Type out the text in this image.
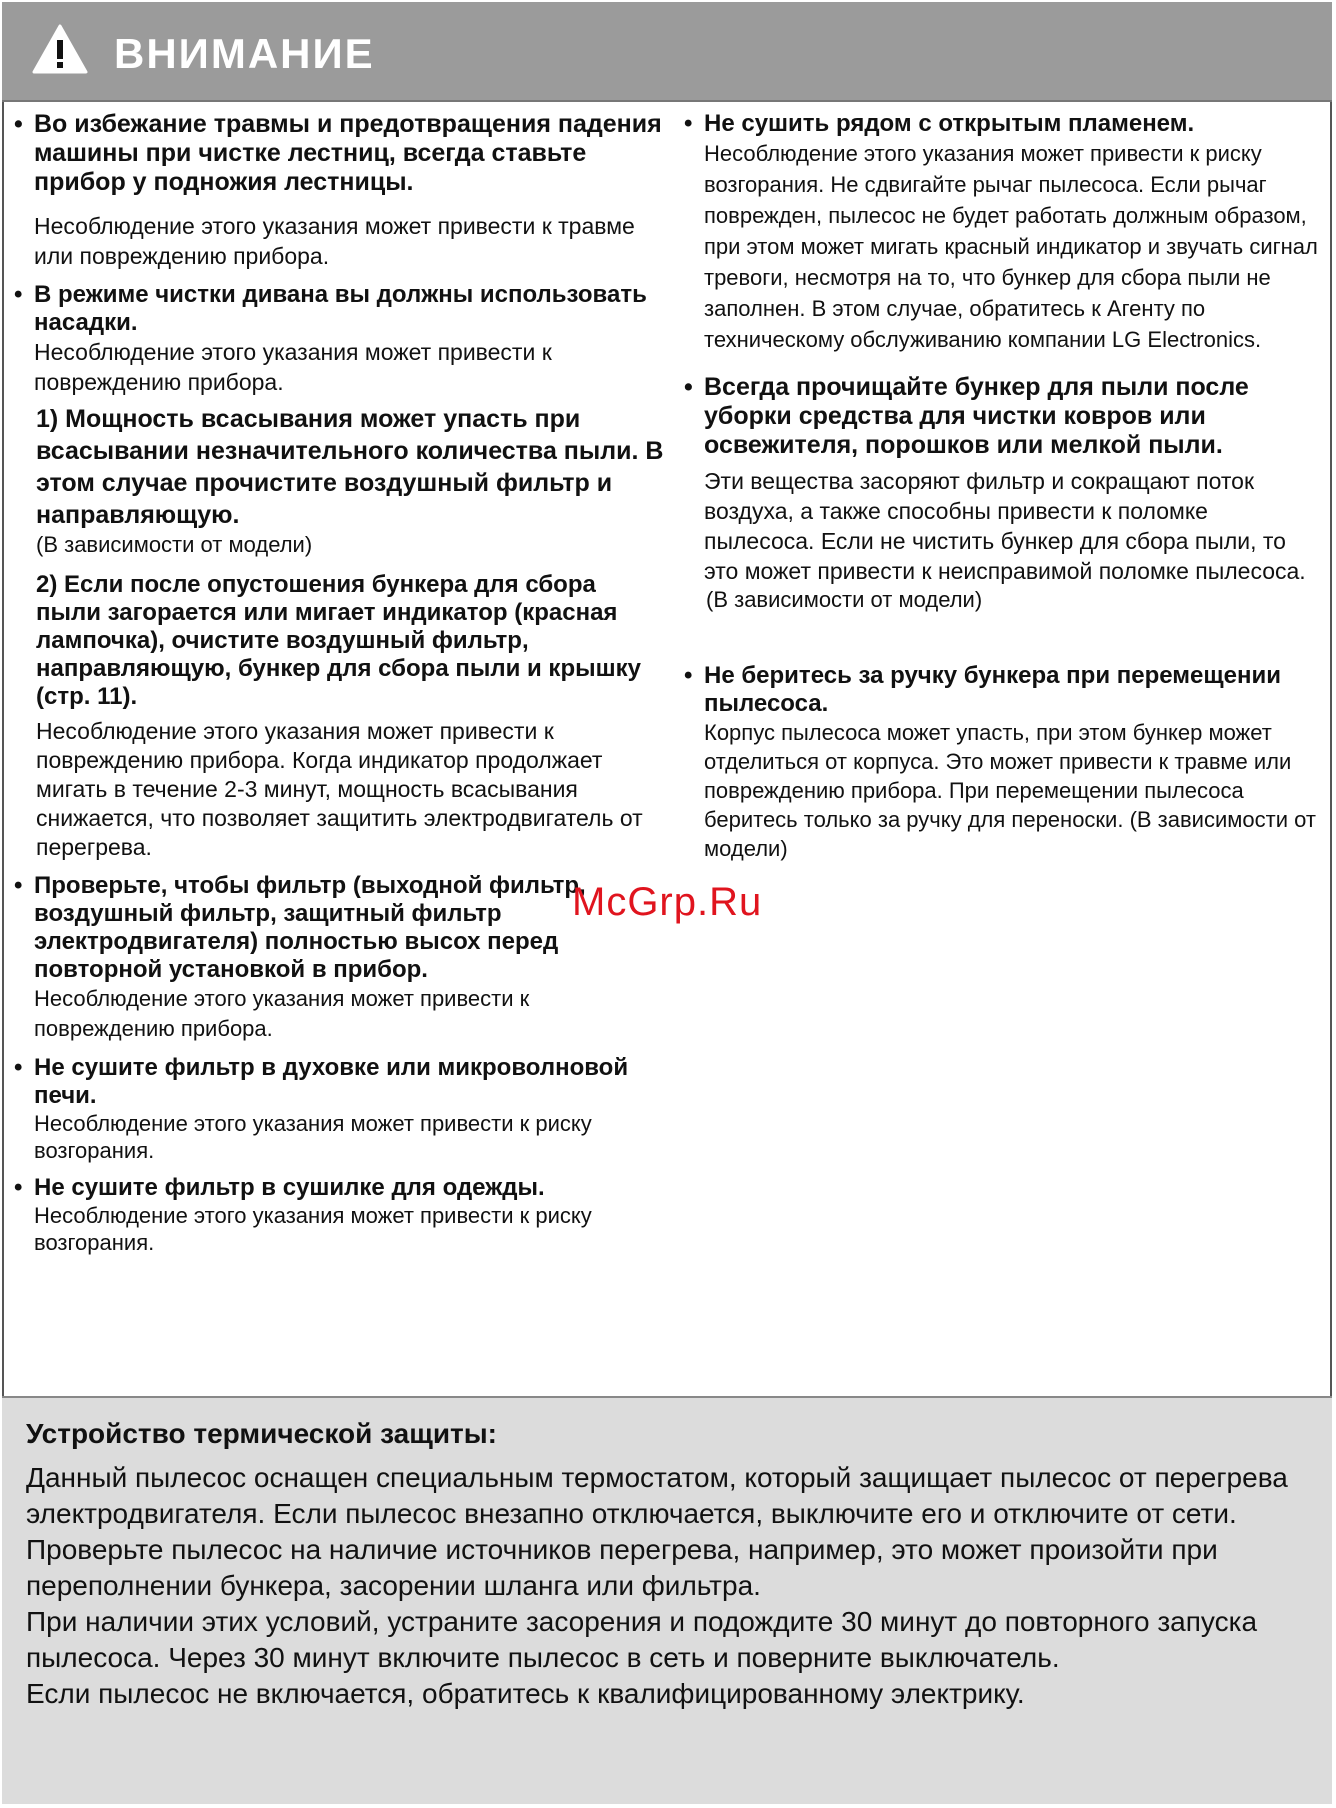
ВНИМАНИЕ
• Во избежание травмы и предотвращения падения машины при чистке лестниц, всегда ставьте прибор у подножия лестницы.
Несоблюдение этого указания может привести к травме или повреждению прибора.
• В режиме чистки дивана вы должны использовать насадки.
Несоблюдение этого указания может привести к повреждению прибора.
1) Мощность всасывания может упасть при всасывании незначительного количества пыли. В этом случае прочистите воздушный фильтр и направляющую.
(В зависимости от модели)
2) Если после опустошения бункера для сбора пыли загорается или мигает индикатор (красная лампочка), очистите воздушный фильтр, направляющую, бункер для сбора пыли и крышку (стр. 11).
Несоблюдение этого указания может привести к повреждению прибора. Когда индикатор продолжает мигать в течение 2-3 минут, мощность всасывания снижается, что позволяет защитить электродвигатель от перегрева.
• Проверьте, чтобы фильтр (выходной фильтр, воздушный фильтр, защитный фильтр электродвигателя) полностью высох перед повторной установкой в прибор.
Несоблюдение этого указания может привести к повреждению прибора.
• Не сушите фильтр в духовке или микроволновой печи.
Несоблюдение этого указания может привести к риску возгорания.
• Не сушите фильтр в сушилке для одежды.
Несоблюдение этого указания может привести к риску возгорания.
• Не сушить рядом с открытым пламенем.
Несоблюдение этого указания может привести к риску возгорания. Не сдвигайте рычаг пылесоса. Если рычаг поврежден, пылесос не будет работать должным образом, при этом может мигать красный индикатор и звучать сигнал тревоги, несмотря на то, что бункер для сбора пыли не заполнен. В этом случае, обратитесь к Агенту по техническому обслуживанию компании LG Electronics.
• Всегда прочищайте бункер для пыли после уборки средства для чистки ковров или освежителя, порошков или мелкой пыли.
Эти вещества засоряют фильтр и сокращают поток воздуха, а также способны привести к поломке пылесоса. Если не чистить бункер для сбора пыли, то это может привести к неисправимой поломке пылесоса.
(В зависимости от модели)
• Не беритесь за ручку бункера при перемещении пылесоса.
Корпус пылесоса может упасть, при этом бункер может отделиться от корпуса. Это может привести к травме или повреждению прибора. При перемещении пылесоса беритесь только за ручку для переноски. (В зависимости от модели)
McGrp.Ru
Устройство термической защиты:
Данный пылесос оснащен специальным термостатом, который защищает пылесос от перегрева электродвигателя. Если пылесос внезапно отключается, выключите его и отключите от сети.
Проверьте пылесос на наличие источников перегрева, например, это может произойти при переполнении бункера, засорении шланга или фильтра.
При наличии этих условий, устраните засорения и подождите 30 минут до повторного запуска пылесоса. Через 30 минут включите пылесос в сеть и поверните выключатель.
Если пылесос не включается, обратитесь к квалифицированному электрику.
